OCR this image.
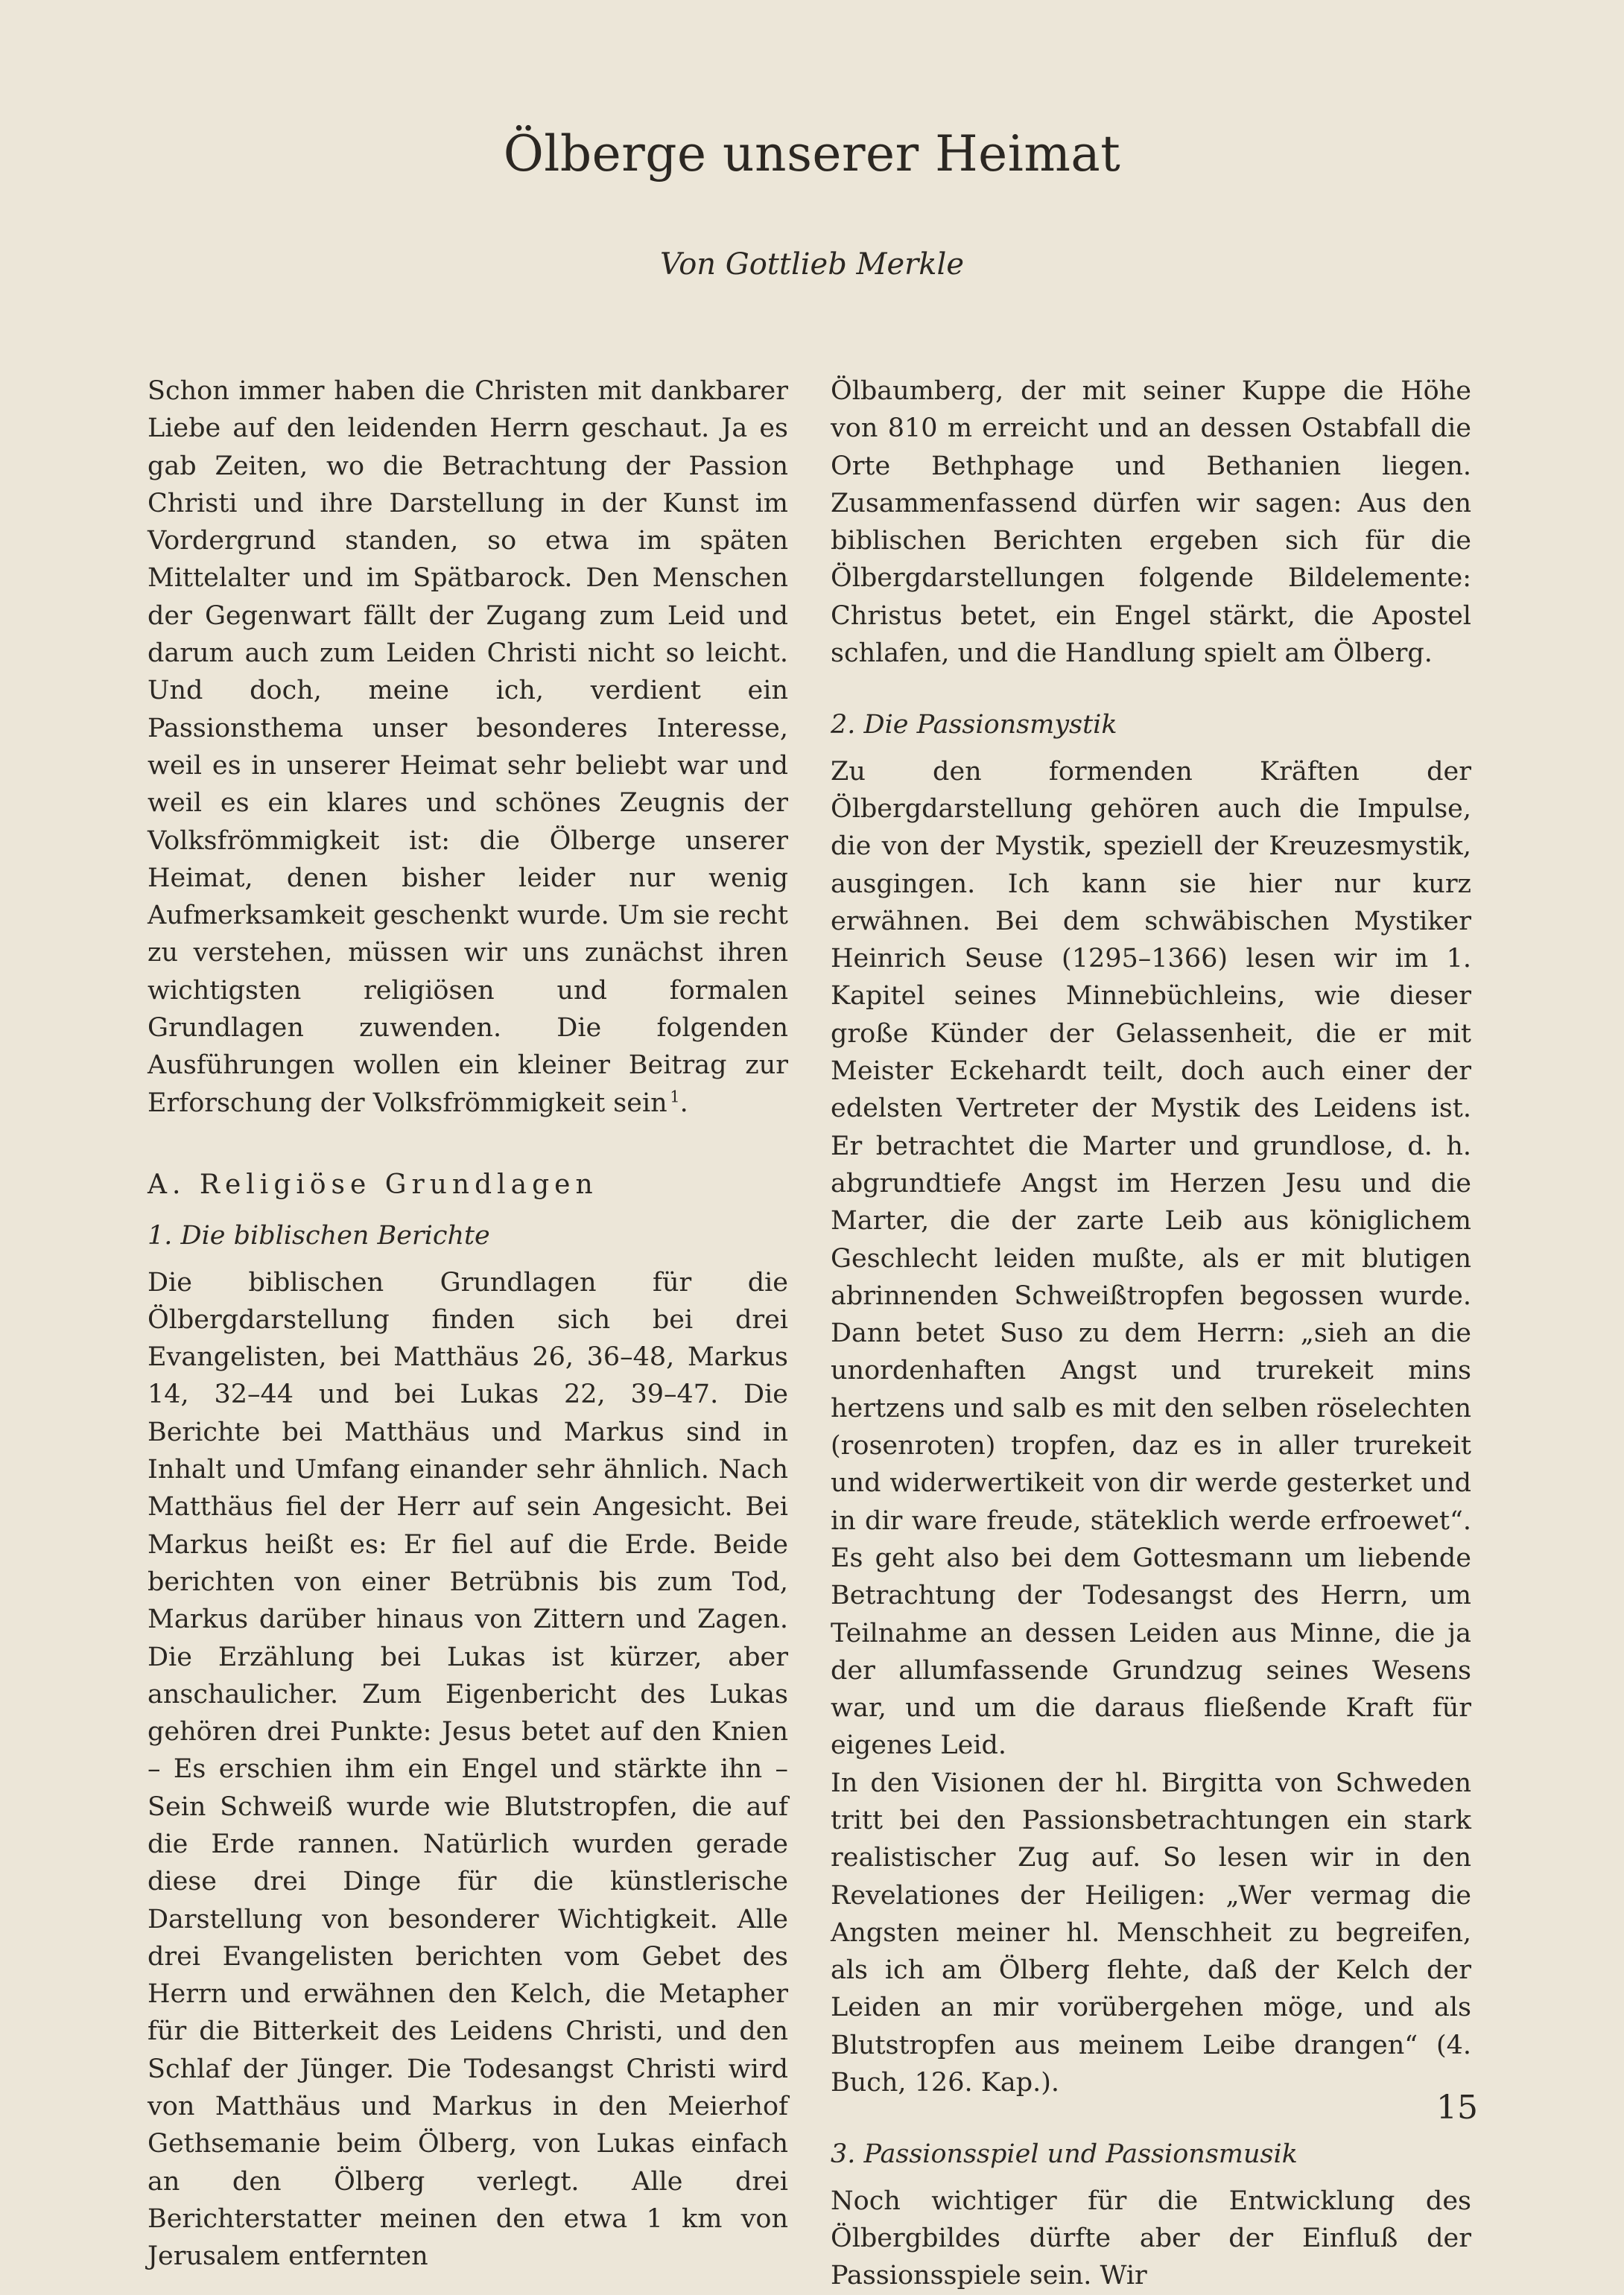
Ölberge unserer Heimat

Von Gottlieb Merkle

Schon immer haben die Christen mit dankbarer Liebe auf den leidenden Herrn geschaut. Ja es gab Zeiten, wo die Betrachtung der Passion Christi und ihre Darstellung in der Kunst im Vordergrund standen, so etwa im späten Mittelalter und im Spätbarock. Den Menschen der Gegenwart fällt der Zugang zum Leid und darum auch zum Leiden Christi nicht so leicht. Und doch, meine ich, verdient ein Passionsthema unser besonderes Interesse, weil es in unserer Heimat sehr beliebt war und weil es ein klares und schönes Zeugnis der Volksfrömmigkeit ist: die Ölberge unserer Heimat, denen bisher leider nur wenig Aufmerksamkeit geschenkt wurde. Um sie recht zu verstehen, müssen wir uns zunächst ihren wichtigsten religiösen und formalen Grundlagen zuwenden. Die folgenden Ausführungen wollen ein kleiner Beitrag zur Erforschung der Volksfrömmigkeit sein  $^1$.

A. Religiöse Grundlagen

1. Die biblischen Berichte

Die biblischen Grundlagen für die Ölbergdarstellung finden sich bei drei Evangelisten, bei Matthäus 26, 36–48, Markus 14, 32–44 und bei Lukas 22, 39–47. Die Berichte bei Matthäus und Markus sind in Inhalt und Umfang einander sehr ähnlich. Nach Matthäus fiel der Herr auf sein Angesicht. Bei Markus heißt es: Er fiel auf die Erde. Beide berichten von einer Betrübnis bis zum Tod, Markus darüber hinaus von Zittern und Zagen. Die Erzählung bei Lukas ist kürzer, aber anschaulicher. Zum Eigenbericht des Lukas gehören drei Punkte: Jesus betet auf den Knien – Es erschien ihm ein Engel und stärkte ihn – Sein Schweiß wurde wie Blutstropfen, die auf die Erde rannen. Natürlich wurden gerade diese drei Dinge für die künstlerische Darstellung von besonderer Wichtigkeit. Alle drei Evangelisten berichten vom Gebet des Herrn und erwähnen den Kelch, die Metapher für die Bitterkeit des Leidens Christi, und den Schlaf der Jünger. Die Todesangst Christi wird von Matthäus und Markus in den Meierhof Gethsemanie beim Ölberg, von Lukas einfach an den Ölberg verlegt. Alle drei Berichterstatter meinen den etwa 1 km von Jerusalem entfernten

Ölbaumberg, der mit seiner Kuppe die Höhe von 810 m erreicht und an dessen Ostabfall die Orte Bethphage und Bethanien liegen. Zusammenfassend dürfen wir sagen: Aus den biblischen Berichten ergeben sich für die Ölbergdarstellungen folgende Bildelemente: Christus betet, ein Engel stärkt, die Apostel schlafen, und die Handlung spielt am Ölberg.

2. Die Passionsmystik

Zu den formenden Kräften der Ölbergdarstellung gehören auch die Impulse, die von der Mystik, speziell der Kreuzesmystik, ausgingen. Ich kann sie hier nur kurz erwähnen. Bei dem schwäbischen Mystiker Heinrich Seuse (1295–1366) lesen wir im 1. Kapitel seines Minnebüchleins, wie dieser große Künder der Gelassenheit, die er mit Meister Eckehardt teilt, doch auch einer der edelsten Vertreter der Mystik des Leidens ist. Er betrachtet die Marter und grundlose, d. h. abgrundtiefe Angst im Herzen Jesu und die Marter, die der zarte Leib aus königlichem Geschlecht leiden mußte, als er mit blutigen abrinnenden Schweißtropfen begossen wurde. Dann betet Suso zu dem Herrn: „sieh an die unordenhaften Angst und trurekeit mins hertzens und salb es mit den selben röselechten (rosenroten) tropfen, daz es in aller trurekeit und widerwertikeit von dir werde gesterket und in dir ware freude, stäteklich werde erfroewet“. Es geht also bei dem Gottesmann um liebende Betrachtung der Todesangst des Herrn, um Teilnahme an dessen Leiden aus Minne, die ja der allumfassende Grundzug seines Wesens war, und um die daraus fließende Kraft für eigenes Leid.

In den Visionen der hl. Birgitta von Schweden tritt bei den Passionsbetrachtungen ein stark realistischer Zug auf. So lesen wir in den Revelationes der Heiligen: „Wer vermag die Angsten meiner hl. Menschheit zu begreifen, als ich am Ölberg flehte, daß der Kelch der Leiden an mir vorübergehen möge, und als Blutstropfen aus meinem Leibe drangen“ (4. Buch, 126. Kap.).

3. Passionsspiel und Passionsmusik

Noch wichtiger für die Entwicklung des Ölbergbildes dürfte aber der Einfluß der Passionsspiele sein. Wir

15
